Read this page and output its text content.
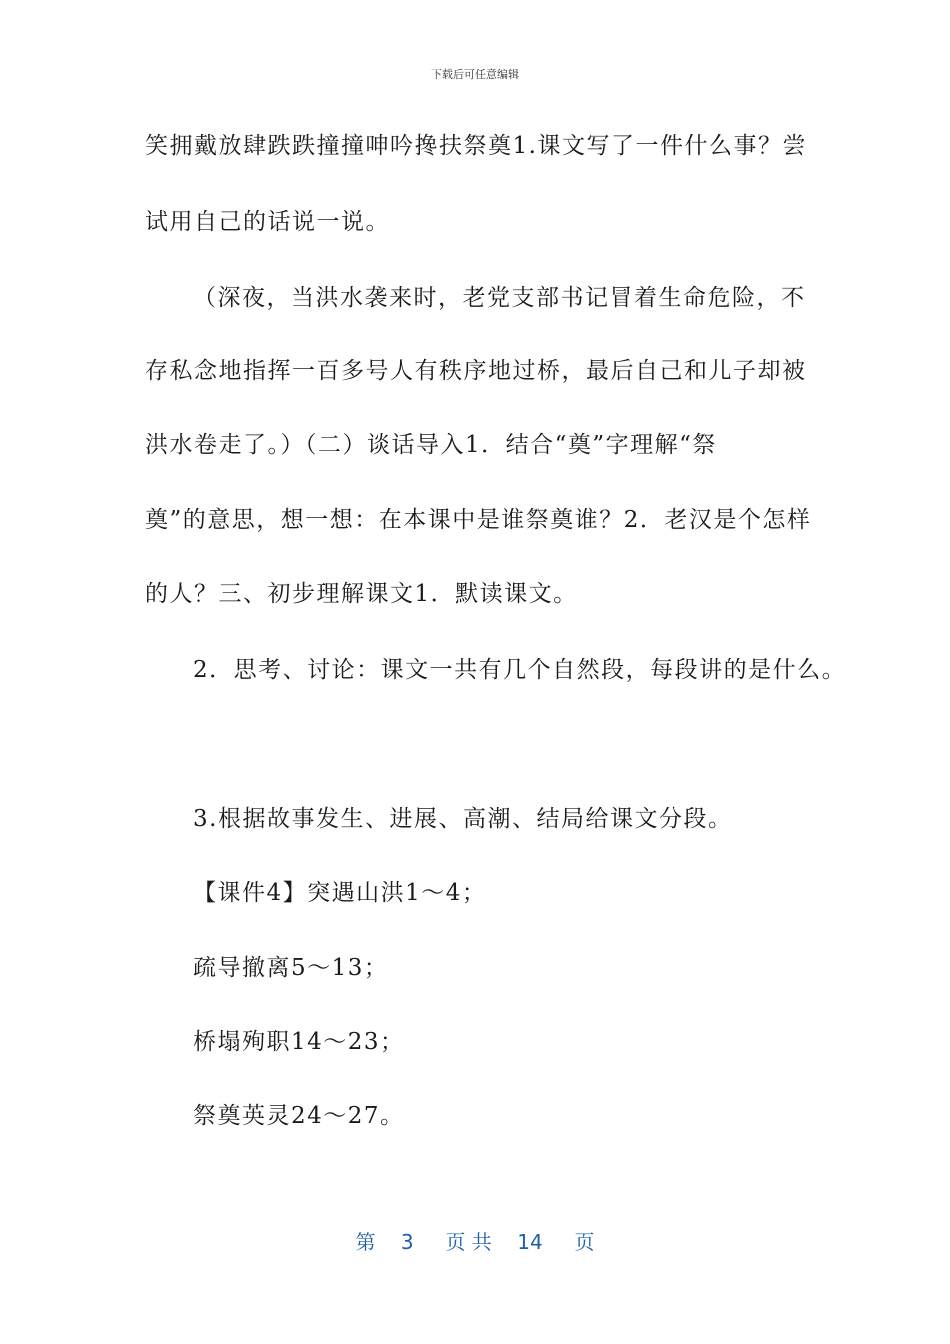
下载后可任意编辑
笑拥戴放肆跌跌撞撞呻吟搀扶祭奠1.课文写了一件什么事？尝
试用自己的话说一说。
（深夜，当洪水袭来时，老党支部书记冒着生命危险，不
存私念地指挥一百多号人有秩序地过桥，最后自己和儿子却被
洪水卷走了。）（二）谈话导入1．结合“奠”字理解“祭
奠”的意思，想一想：在本课中是谁祭奠谁？2．老汉是个怎样
的人？三、初步理解课文1．默读课文。
2．思考、讨论：课文一共有几个自然段，每段讲的是什么。
3.根据故事发生、进展、高潮、结局给课文分段。
【课件4】突遇山洪1～4；
疏导撤离5～13；
桥塌殉职14～23；
祭奠英灵24～27。
第 3 页 共 14 页
